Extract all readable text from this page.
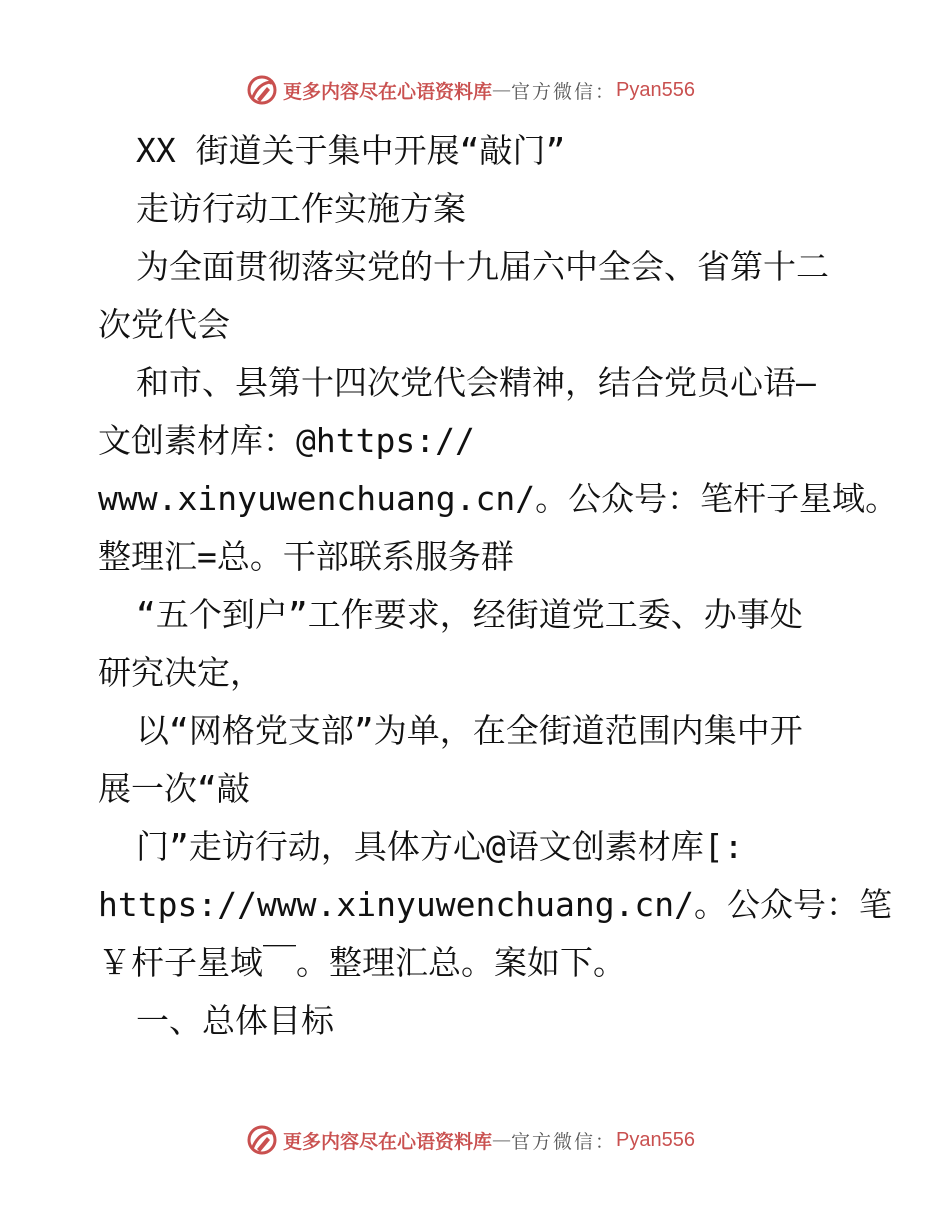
更多内容尽在心语资料库 — 官方微信： Pyan556
XX 街道关于集中开展“敲门”
走访行动工作实施方案
为全面贯彻落实党的十九届六中全会、省第十二
次党代会
和市、县第十四次党代会精神，结合党员心语—
文创素材库：@https://
www.xinyuwenchuang.cn/。公众号：笔杆子星域。
整理汇=总。干部联系服务群
“五个到户”工作要求，经街道党工委、办事处
研究决定，
以“网格党支部”为单，在全街道范围内集中开
展一次“敲
门”走访行动，具体方心@语文创素材库[:
https://www.xinyuwenchuang.cn/。公众号：笔
￥杆子星域￣。整理汇总。案如下。
一、总体目标
更多内容尽在心语资料库 — 官方微信： Pyan556
